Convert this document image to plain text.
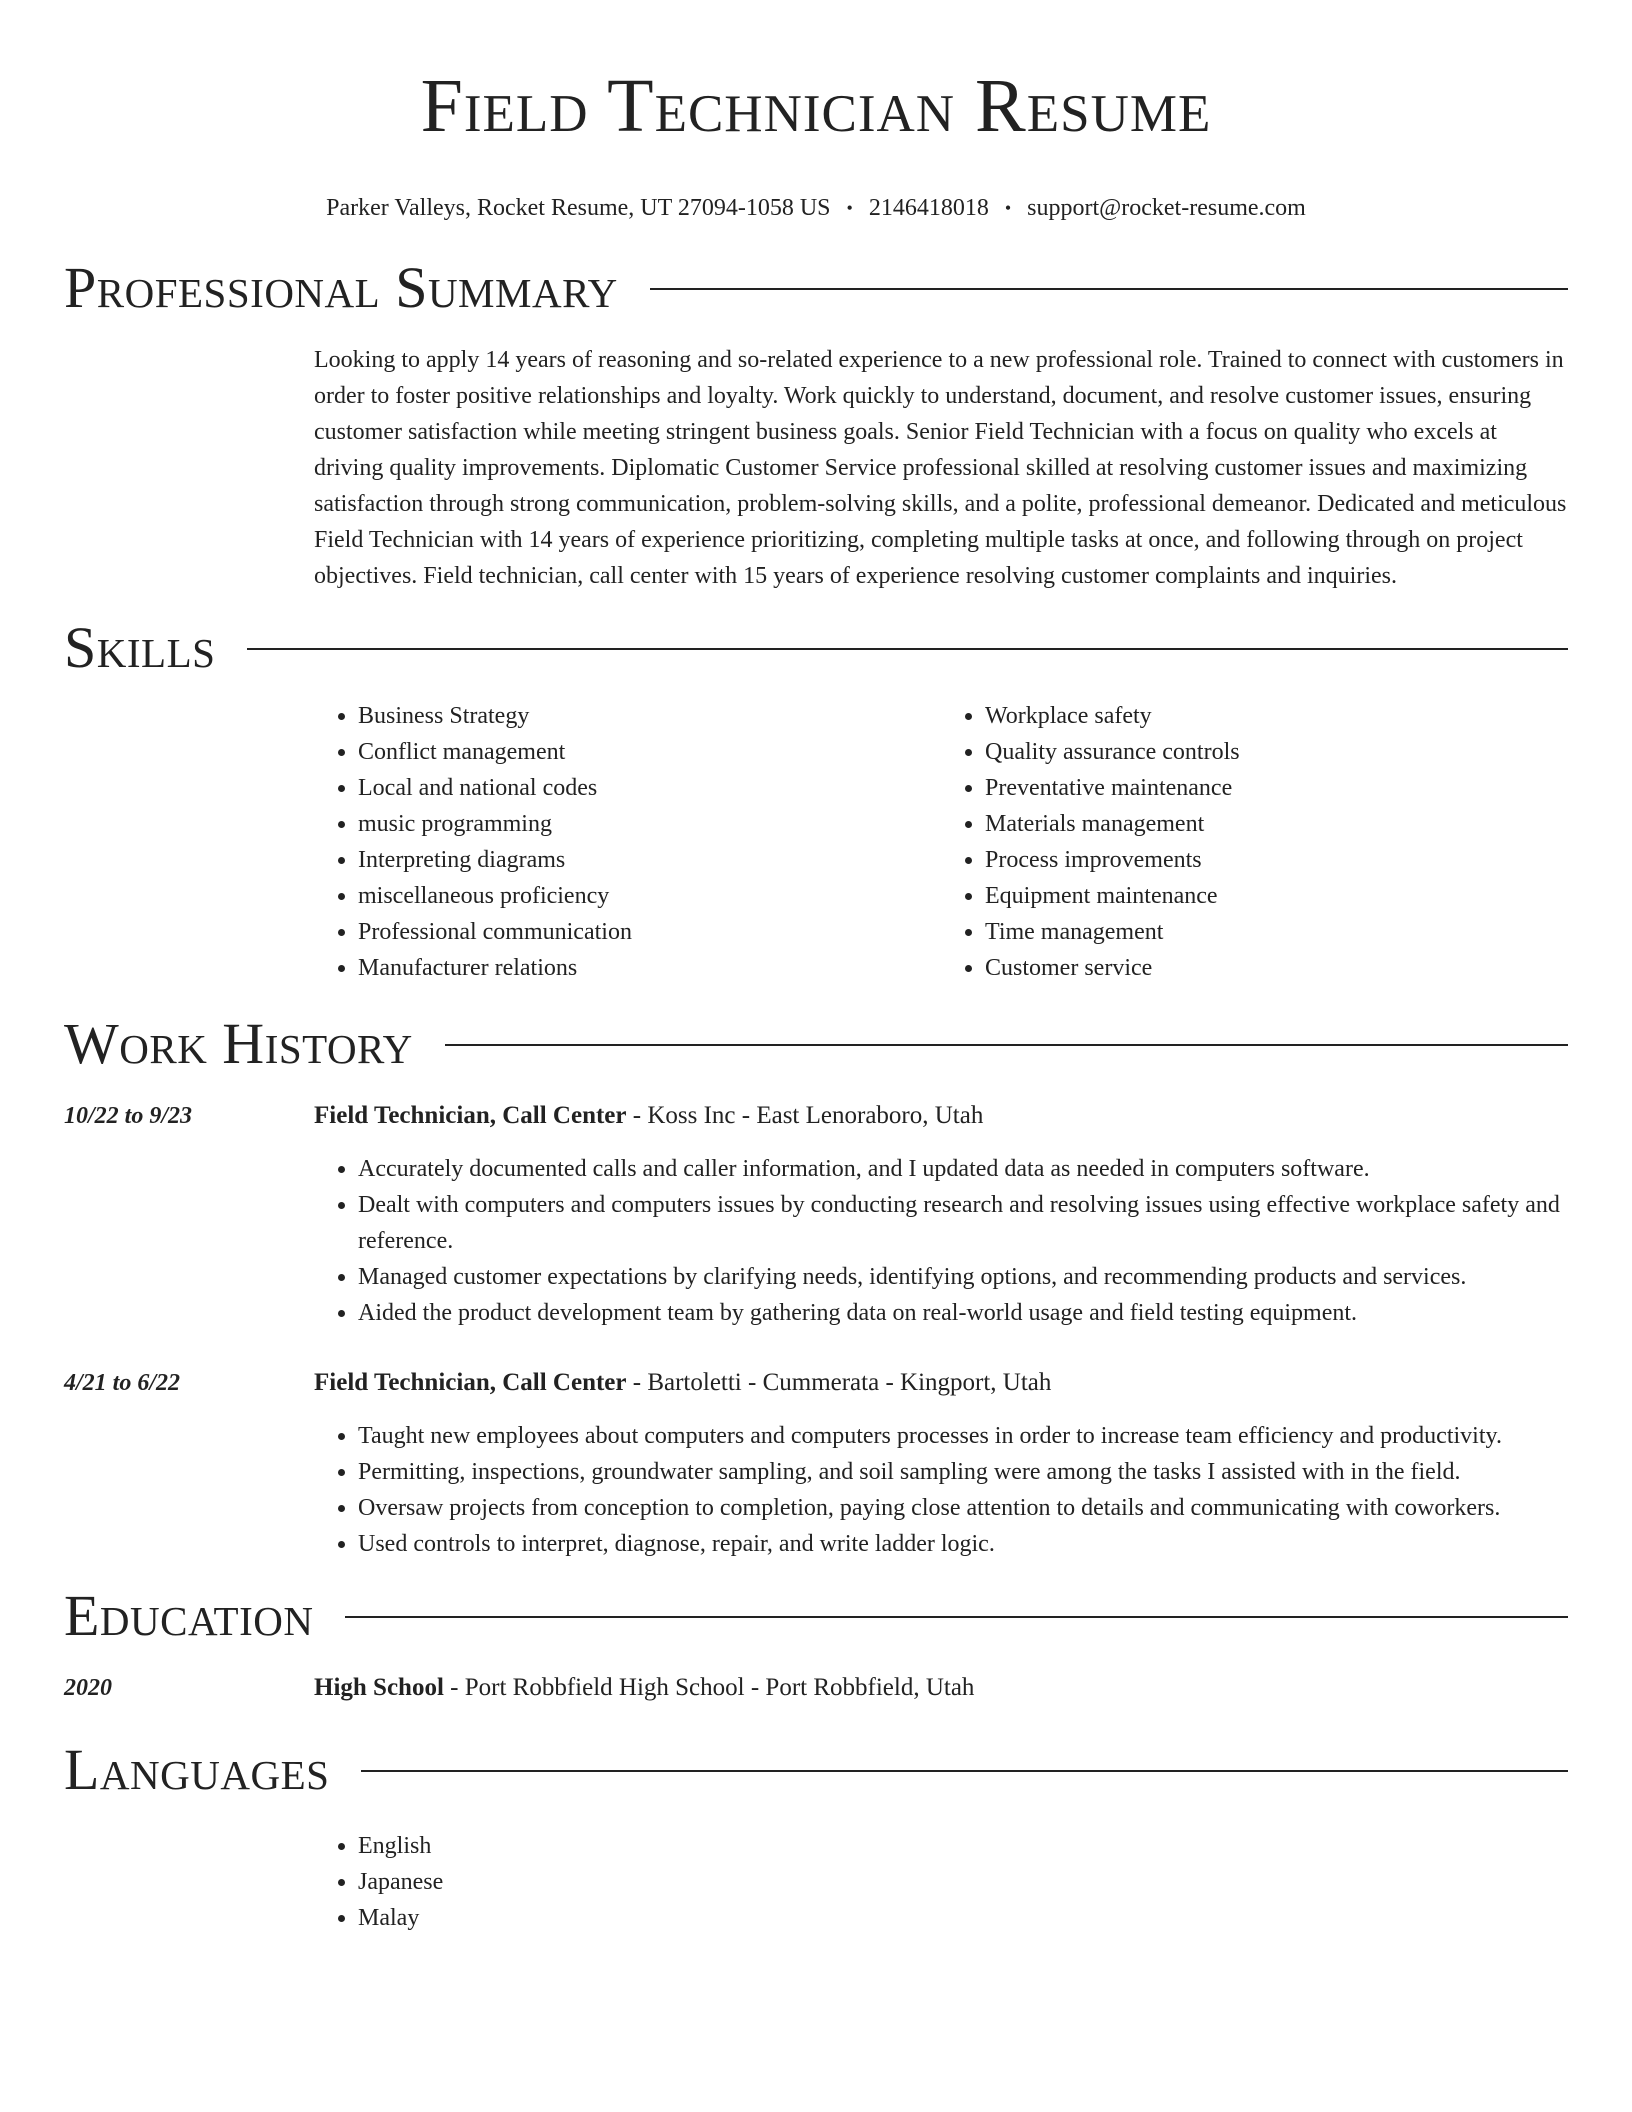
Field Technician Resume
Parker Valleys, Rocket Resume, UT 27094-1058 US • 2146418018 • support@rocket-resume.com
Professional Summary
Looking to apply 14 years of reasoning and so-related experience to a new professional role. Trained to connect with customers in order to foster positive relationships and loyalty. Work quickly to understand, document, and resolve customer issues, ensuring customer satisfaction while meeting stringent business goals. Senior Field Technician with a focus on quality who excels at driving quality improvements. Diplomatic Customer Service professional skilled at resolving customer issues and maximizing satisfaction through strong communication, problem-solving skills, and a polite, professional demeanor. Dedicated and meticulous Field Technician with 14 years of experience prioritizing, completing multiple tasks at once, and following through on project objectives. Field technician, call center with 15 years of experience resolving customer complaints and inquiries.
Skills
• Business Strategy
• Conflict management
• Local and national codes
• music programming
• Interpreting diagrams
• miscellaneous proficiency
• Professional communication
• Manufacturer relations
• Workplace safety
• Quality assurance controls
• Preventative maintenance
• Materials management
• Process improvements
• Equipment maintenance
• Time management
• Customer service
Work History
10/22 to 9/23	Field Technician, Call Center - Koss Inc - East Lenoraboro, Utah
• Accurately documented calls and caller information, and I updated data as needed in computers software.
• Dealt with computers and computers issues by conducting research and resolving issues using effective workplace safety and reference.
• Managed customer expectations by clarifying needs, identifying options, and recommending products and services.
• Aided the product development team by gathering data on real-world usage and field testing equipment.
4/21 to 6/22	Field Technician, Call Center - Bartoletti - Cummerata - Kingport, Utah
• Taught new employees about computers and computers processes in order to increase team efficiency and productivity.
• Permitting, inspections, groundwater sampling, and soil sampling were among the tasks I assisted with in the field.
• Oversaw projects from conception to completion, paying close attention to details and communicating with coworkers.
• Used controls to interpret, diagnose, repair, and write ladder logic.
Education
2020	High School - Port Robbfield High School - Port Robbfield, Utah
Languages
• English
• Japanese
• Malay
